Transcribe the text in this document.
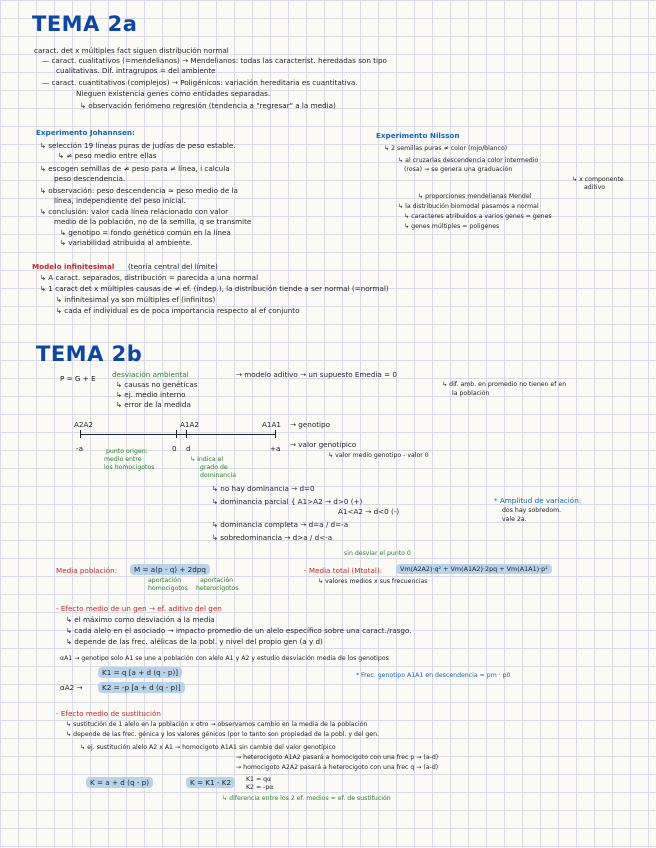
TEMA 2a
caract. det x múltiples fact siguen distribución normal
— caract. cualitativos (=mendelianos) → Mendelianos: todas las caracterist. heredadas son tipo
cualitativas. Dif. intragrupos = del ambiente
— caract. cuantitativos (complejos) → Poligénicos: variación hereditaria es cuantitativa.
Nieguen existencia genes como entidades separadas.
↳ observación fenómeno regresión (tendencia a "regresar" a la media)
Experimento Johannsen:
↳ selección 19 líneas puras de judías de peso estable.
↳ ≠ peso medio entre ellas
↳ escogen semillas de ≠ peso para ≠ línea, i calcula
peso descendencia.
↳ observación: peso descendencia ≈ peso medio de la
línea, independiente del peso inicial.
↳ conclusión: valor cada línea relacionado con valor
medio de la población, no de la semilla, q se transmite
↳ genotipo = fondo genético común en la línea
↳ variabilidad atribuida al ambiente.
Experimento Nilsson
↳ 2 semillas puras ≠ color (rojo/blanco)
↳ al cruzarlas descendencia color intermedio
(rosa) → se genera una graduación
↳ x componente
aditivo
↳ proporciones mendelianas Mendel
↳ la distribución biomodal pasamos a normal
↳ caracteres atribuidos a varios genes = genes
↳ genes múltiples = poligenes
Modelo infinitesimal (teoría central del límite)
↳ A caract. separados, distribución = parecida a una normal
↳ 1 caract det x múltiples causas de ≠ ef. (indep.), la distribución tiende a ser normal (=normal)
↳ infinitesimal ya son múltiples ef (infinitos)
↳ cada ef individual es de poca importancia respecto al ef conjunto
TEMA 2b
P = G + E desviación ambiental	→ modelo aditivo → un supuesto Emedia = 0
↳ causas no genéticas
↳ ej. medio interno
↳ error de la medida
↳ dif. amb. en promedio no tienen ef en
la población
A2A2	A1A2	A1A1 → genotipo
-a	0 d	+a → valor genotípico
↳ valor medio genotipo - valor 0
punto origen:
medio entre
los homocigotos
↳ indica el
grado de
dominancia
↳ no hay dominancia → d=0
↳ dominancia parcial { A1>A2 → d>0 (+)
A1<A2 → d<0 (-)
↳ dominancia completa → d=a / d=-a
↳ sobredominancia → d>a / d<-a
* Amplitud de variación:
dos hay sobredom.
vale 2a.
Media población:	M = a(p - q) + 2dpq
aportación
homocigotos
aportación
heterocigotos
sin desviar el punto 0
- Media total (Mtotal):	Vm(A2A2)·q² + Vm(A1A2)·2pq + Vm(A1A1)·p²
↳ valores medios x sus frecuencias
- Efecto medio de un gen → ef. aditivo del gen
↳ el máximo como desviación a la media
↳ cada alelo en el asociado → impacto promedio de un alelo específico sobre una caract./rasgo.
↳ depende de las frec. alélicas de la pobl. y nivel del propio gen (a y d)
αA1 → genotipo solo A1 se une a población con alelo A1 y A2 y estudio desviación media de los genotipos
K1 = q [a + d (q - p)]
αA2 →	K2 = -p [a + d (q - p)]
* Frec. genotipo A1A1 en descendencia = pm · p0
- Efecto medio de sustitución
↳ sustitución de 1 alelo en la población x otro → observamos cambio en la media de la población
↳ depende de las frec. génica y los valores génicos (por lo tanto son propiedad de la pobl. y del gen.
↳ ej. sustitución alelo A2 x A1 → homocigoto A1A1 sin cambio del valor genotípico
→ heterocigoto A1A2 pasará a homocigoto con una frec p → (a-d)
→ homocigoto A2A2 pasará a heterocigoto con una frec q → (a-d)
K = a + d (q - p)	K = K1 - K2	K1 = qα
K2 = -pα
↳ diferencia entre los 2 ef. medios = ef. de sustitución
